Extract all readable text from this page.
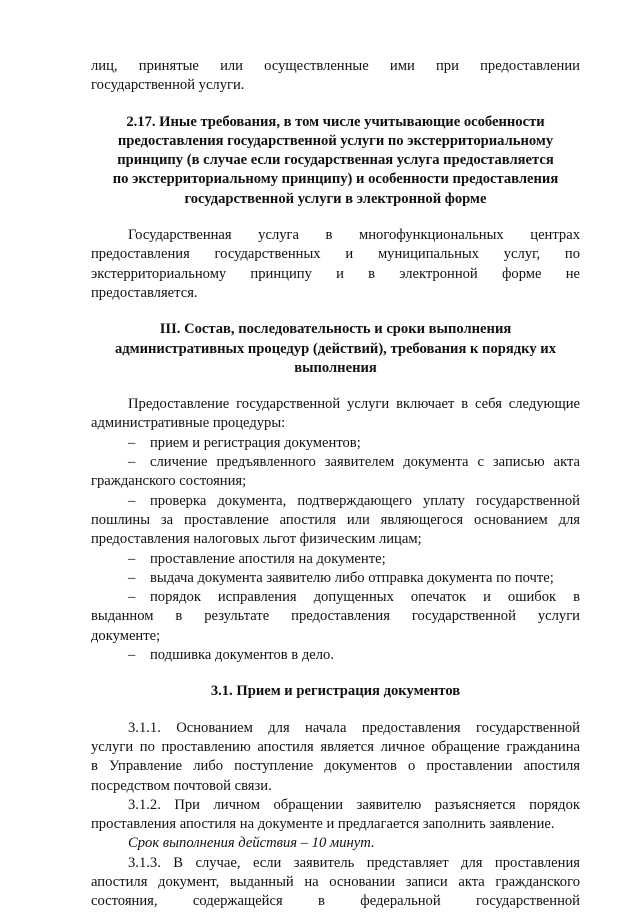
лиц, принятые или осуществленные ими при предоставлении

государственной услуги.

2.17. Иные требования, в том числе учитывающие особенности

предоставления государственной услуги по экстерриториальному

принципу (в случае если государственная услуга предоставляется

по экстерриториальному принципу) и особенности предоставления

государственной услуги в электронной форме

Государственная услуга в многофункциональных центрах

предоставления государственных и муниципальных услуг, по

экстерриториальному принципу и в электронной форме не

предоставляется.

III. Состав, последовательность и сроки выполнения

административных процедур (действий), требования к порядку их

выполнения

Предоставление государственной услуги включает в себя следующие

административные процедуры:

– прием и регистрация документов;

– сличение предъявленного заявителем документа с записью акта

гражданского состояния;

– проверка документа, подтверждающего уплату государственной

пошлины за проставление апостиля или являющегося основанием для

предоставления налоговых льгот физическим лицам;

– проставление апостиля на документе;

– выдача документа заявителю либо отправка документа по почте;

– порядок исправления допущенных опечаток и ошибок в

выданном в результате предоставления государственной услуги

документе;

– подшивка документов в дело.

3.1. Прием и регистрация документов

3.1.1. Основанием для начала предоставления государственной

услуги по проставлению апостиля является личное обращение гражданина

в Управление либо поступление документов о проставлении апостиля

посредством почтовой связи.

3.1.2. При личном обращении заявителю разъясняется порядок

проставления апостиля на документе и предлагается заполнить заявление.

Срок выполнения действия – 10 минут.

3.1.3. В случае, если заявитель представляет для проставления

апостиля документ, выданный на основании записи акта гражданского

состояния, содержащейся в федеральной государственной
